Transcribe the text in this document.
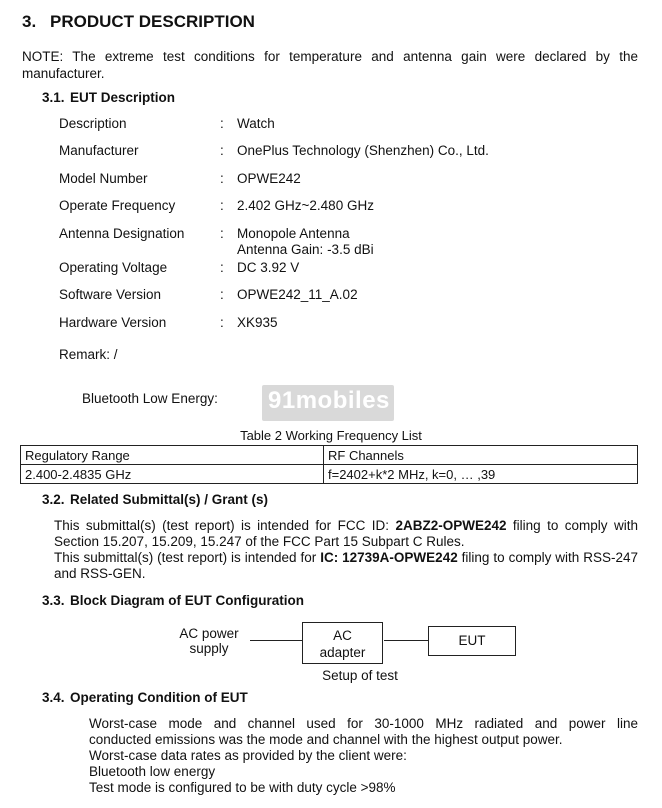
3. PRODUCT DESCRIPTION
NOTE: The extreme test conditions for temperature and antenna gain were declared by the manufacturer.
3.1. EUT Description
Description	: Watch
Manufacturer	: OnePlus Technology (Shenzhen) Co., Ltd.
Model Number	: OPWE242
Operate Frequency	: 2.402 GHz~2.480 GHz
Antenna Designation	: Monopole Antenna
Antenna Gain: -3.5 dBi
Operating Voltage	: DC 3.92 V
Software Version	: OPWE242_11_A.02
Hardware Version	: XK935
Remark: /
Bluetooth Low Energy: 91mobiles
Table 2 Working Frequency List
Regulatory Range	RF Channels
2.400-2.4835 GHz	f=2402+k*2 MHz, k=0, … ,39
3.2. Related Submittal(s) / Grant (s)
This submittal(s) (test report) is intended for FCC ID: 2ABZ2-OPWE242 filing to comply with Section 15.207, 15.209, 15.247 of the FCC Part 15 Subpart C Rules.
This submittal(s) (test report) is intended for IC: 12739A-OPWE242 filing to comply with RSS-247 and RSS-GEN.
3.3. Block Diagram of EUT Configuration
AC power
supply
AC
adapter
EUT
Setup of test
3.4. Operating Condition of EUT
Worst-case mode and channel used for 30-1000 MHz radiated and power line
conducted emissions was the mode and channel with the highest output power.
Worst-case data rates as provided by the client were:
Bluetooth low energy
Test mode is configured to be with duty cycle >98%
